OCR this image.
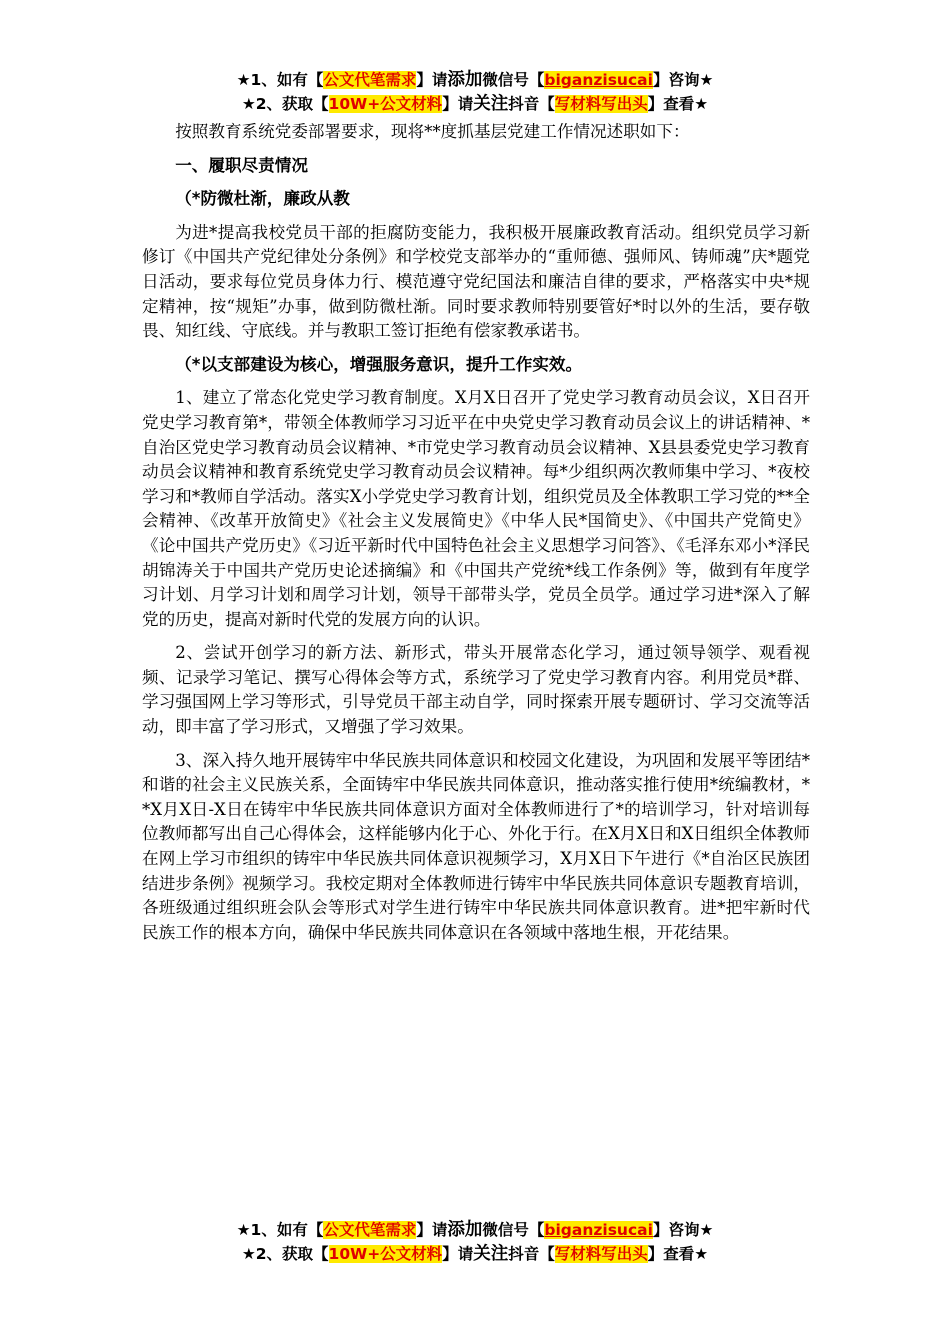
★1、如有【公文代笔需求】请添加微信号【biganzisucai】咨询★
★2、获取【10W+公文材料】请关注抖音【写材料写出头】查看★

按照教育系统党委部署要求，现将**度抓基层党建工作情况述职如下：

一、履职尽责情况

（*防微杜渐，廉政从教

为进*提高我校党员干部的拒腐防变能力，我积极开展廉政教育活动。组织党员学习新修订《中国共产党纪律处分条例》和学校党支部举办的“重师德、强师风、铸师魂”庆*题党日活动，要求每位党员身体力行、模范遵守党纪国法和廉洁自律的要求，严格落实中央*规定精神，按“规矩”办事，做到防微杜渐。同时要求教师特别要管好*时以外的生活，要存敬畏、知红线、守底线。并与教职工签订拒绝有偿家教承诺书。

（*以支部建设为核心，增强服务意识，提升工作实效。

1、建立了常态化党史学习教育制度。X月X日召开了党史学习教育动员会议，X日召开党史学习教育第*，带领全体教师学习习近平在中央党史学习教育动员会议上的讲话精神、*自治区党史学习教育动员会议精神、*市党史学习教育动员会议精神、X县县委党史学习教育动员会议精神和教育系统党史学习教育动员会议精神。每*少组织两次教师集中学习、*夜校学习和*教师自学活动。落实X小学党史学习教育计划，组织党员及全体教职工学习党的**全会精神、《改革开放简史》《社会主义发展简史》《中华人民*国简史》、《中国共产党简史》《论中国共产党历史》《习近平新时代中国特色社会主义思想学习问答》、《毛泽东邓小*泽民胡锦涛关于中国共产党历史论述摘编》和《中国共产党统*线工作条例》等，做到有年度学习计划、月学习计划和周学习计划，领导干部带头学，党员全员学。通过学习进*深入了解党的历史，提高对新时代党的发展方向的认识。

2、尝试开创学习的新方法、新形式，带头开展常态化学习，通过领导领学、观看视频、记录学习笔记、撰写心得体会等方式，系统学习了党史学习教育内容。利用党员*群、学习强国网上学习等形式，引导党员干部主动自学，同时探索开展专题研讨、学习交流等活动，即丰富了学习形式，又增强了学习效果。

3、深入持久地开展铸牢中华民族共同体意识和校园文化建设，为巩固和发展平等团结*和谐的社会主义民族关系，全面铸牢中华民族共同体意识，推动落实推行使用*统编教材，**X月X日-X日在铸牢中华民族共同体意识方面对全体教师进行了*的培训学习，针对培训每位教师都写出自己心得体会，这样能够内化于心、外化于行。在X月X日和X日组织全体教师在网上学习市组织的铸牢中华民族共同体意识视频学习，X月X日下午进行《*自治区民族团结进步条例》视频学习。我校定期对全体教师进行铸牢中华民族共同体意识专题教育培训，各班级通过组织班会队会等形式对学生进行铸牢中华民族共同体意识教育。进*把牢新时代民族工作的根本方向，确保中华民族共同体意识在各领域中落地生根，开花结果。

★1、如有【公文代笔需求】请添加微信号【biganzisucai】咨询★
★2、获取【10W+公文材料】请关注抖音【写材料写出头】查看★
